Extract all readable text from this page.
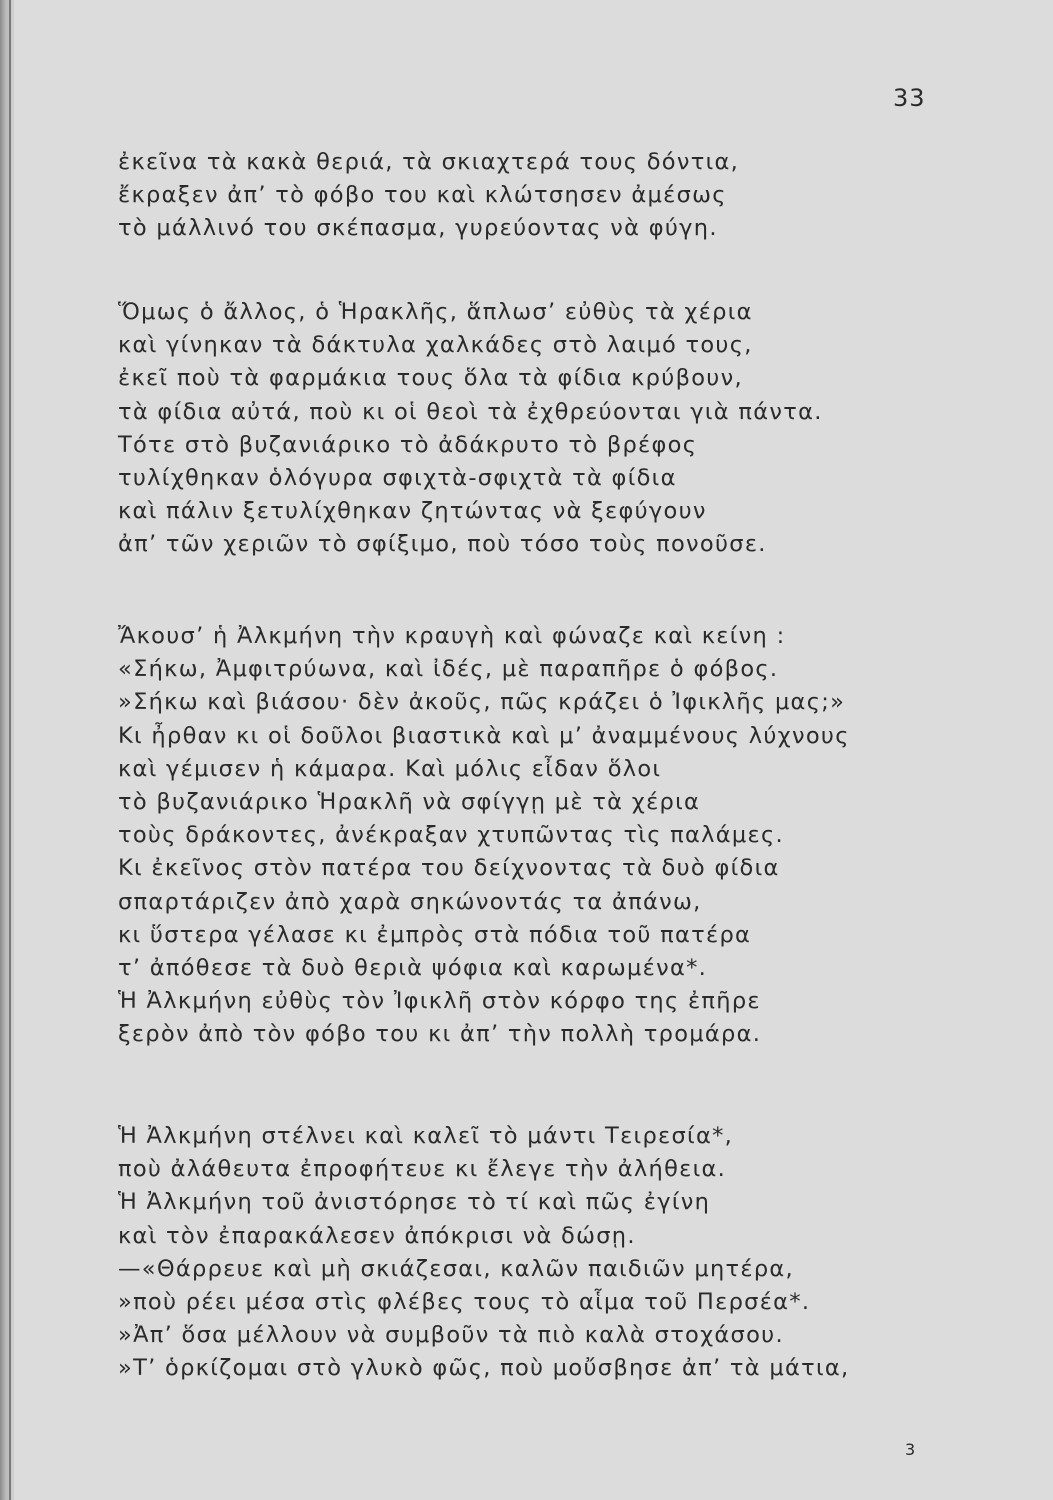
33
ἐκεῖνα τὰ κακὰ θεριά, τὰ σκιαχτερά τους δόντια,
ἔκραξεν ἀπ’ τὸ φόβο του καὶ κλώτσησεν ἀμέσως
τὸ μάλλινό του σκέπασμα, γυρεύοντας νὰ φύγη.
Ὅμως ὁ ἄλλος, ὁ Ἡρακλῆς, ἅπλωσ’ εὐθὺς τὰ χέρια
καὶ γίνηκαν τὰ δάκτυλα χαλκάδες στὸ λαιμό τους,
ἐκεῖ ποὺ τὰ φαρμάκια τους ὅλα τὰ φίδια κρύβουν,
τὰ φίδια αὐτά, ποὺ κι οἱ θεοὶ τὰ ἐχθρεύονται γιὰ πάντα.
Τότε στὸ βυζανιάρικο τὸ ἀδάκρυτο τὸ βρέφος
τυλίχθηκαν ὁλόγυρα σφιχτὰ-σφιχτὰ τὰ φίδια
καὶ πάλιν ξετυλίχθηκαν ζητώντας νὰ ξεφύγουν
ἀπ’ τῶν χεριῶν τὸ σφίξιμο, ποὺ τόσο τοὺς πονοῦσε.
Ἄκουσ’ ἡ Ἀλκμήνη τὴν κραυγὴ καὶ φώναζε καὶ κείνη :
«Σήκω, Ἀμφιτρύωνα, καὶ ἰδές, μὲ παραπῆρε ὁ φόβος.
»Σήκω καὶ βιάσου· δὲν ἀκοῦς, πῶς κράζει ὁ Ἰφικλῆς μας;»
Κι ἦρθαν κι οἱ δοῦλοι βιαστικὰ καὶ μ’ ἀναμμένους λύχνους
καὶ γέμισεν ἡ κάμαρα. Καὶ μόλις εἶδαν ὅλοι
τὸ βυζανιάρικο Ἡρακλῆ νὰ σφίγγῃ μὲ τὰ χέρια
τοὺς δράκοντες, ἀνέκραξαν χτυπῶντας τὶς παλάμες.
Κι ἐκεῖνος στὸν πατέρα του δείχνοντας τὰ δυὸ φίδια
σπαρτάριζεν ἀπὸ χαρὰ σηκώνοντάς τα ἀπάνω,
κι ὕστερα γέλασε κι ἐμπρὸς στὰ πόδια τοῦ πατέρα
τ’ ἀπόθεσε τὰ δυὸ θεριὰ ψόφια καὶ καρωμένα*.
Ἡ Ἀλκμήνη εὐθὺς τὸν Ἰφικλῆ στὸν κόρφο της ἐπῆρε
ξερὸν ἀπὸ τὸν φόβο του κι ἀπ’ τὴν πολλὴ τρομάρα.
Ἡ Ἀλκμήνη στέλνει καὶ καλεῖ τὸ μάντι Τειρεσία*,
ποὺ ἀλάθευτα ἐπροφήτευε κι ἔλεγε τὴν ἀλήθεια.
Ἡ Ἀλκμήνη τοῦ ἀνιστόρησε τὸ τί καὶ πῶς ἐγίνη
καὶ τὸν ἐπαρακάλεσεν ἀπόκρισι νὰ δώσῃ.
—«Θάρρευε καὶ μὴ σκιάζεσαι, καλῶν παιδιῶν μητέρα,
»ποὺ ρέει μέσα στὶς φλέβες τους τὸ αἷμα τοῦ Περσέα*.
»Ἀπ’ ὅσα μέλλουν νὰ συμβοῦν τὰ πιὸ καλὰ στοχάσου.
»Τ’ ὁρκίζομαι στὸ γλυκὸ φῶς, ποὺ μοὔσβησε ἀπ’ τὰ μάτια,
3
